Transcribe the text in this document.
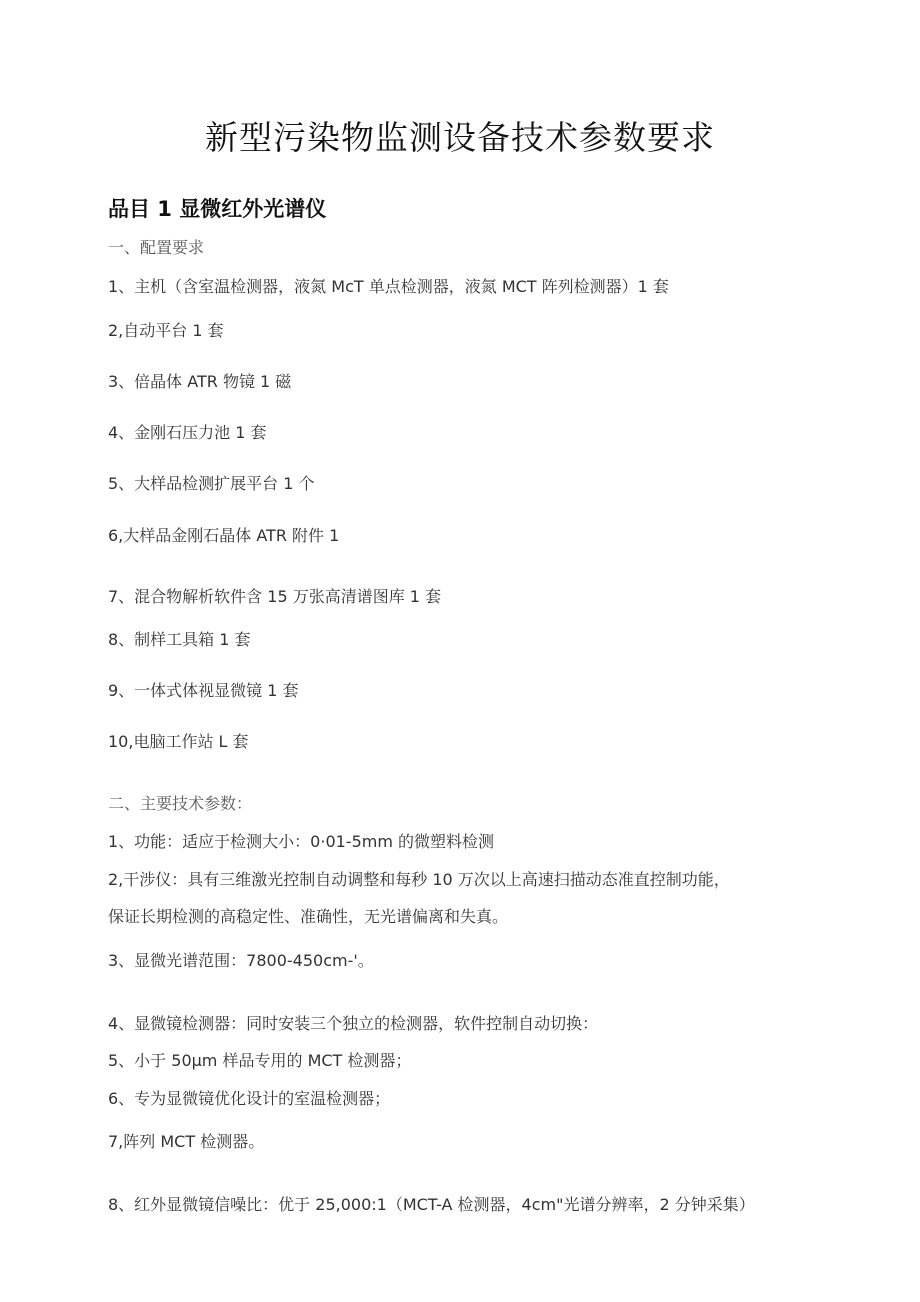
新型污染物监测设备技术参数要求
品目 1 显微红外光谱仪
一、配置要求
1、主机（含室温检测器，液氮 McT 单点检测器，液氮 MCT 阵列检测器）1 套
2,自动平台 1 套
3、倍晶体 ATR 物镜 1 磁
4、金刚石压力池 1 套
5、大样品检测扩展平台 1 个
6,大样品金刚石晶体 ATR 附件 1
7、混合物解析软件含 15 万张高清谱图库 1 套
8、制样工具箱 1 套
9、一体式体视显微镜 1 套
10,电脑工作站 L 套
二、主要技术参数：
1、功能：适应于检测大小：0·01-5mm 的微塑料检测
2,干涉仪：具有三维激光控制自动调整和每秒 10 万次以上高速扫描动态准直控制功能，
保证长期检测的高稳定性、准确性，无光谱偏离和失真。
3、显微光谱范围：7800-450cm-'。
4、显微镜检测器：同时安装三个独立的检测器，软件控制自动切换：
5、小于 50μm 样品专用的 MCT 检测器；
6、专为显微镜优化设计的室温检测器；
7,阵列 MCT 检测器。
8、红外显微镜信噪比：优于 25,000:1（MCT-A 检测器，4cm"光谱分辨率，2 分钟采集）
